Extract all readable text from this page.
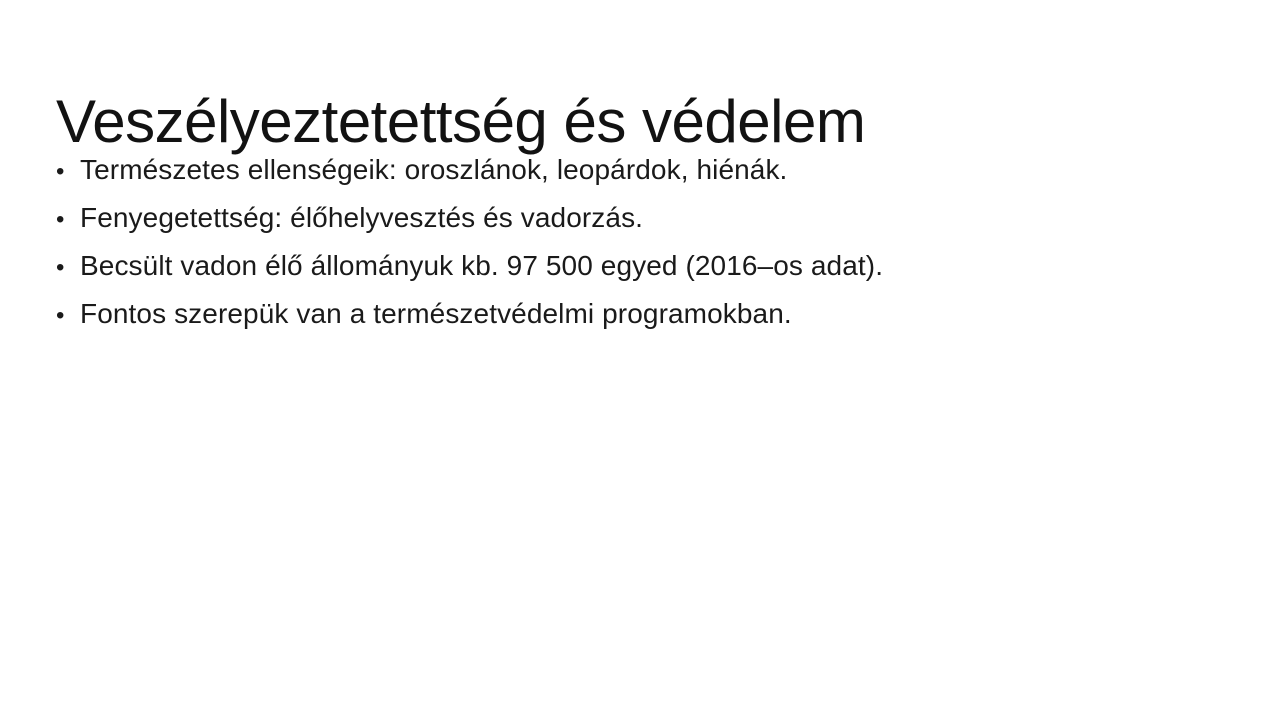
Veszélyeztetettség és védelem
• Természetes ellenségeik: oroszlánok, leopárdok, hiénák.
• Fenyegetettség: élőhelyvesztés és vadorzás.
• Becsült vadon élő állományuk kb. 97 500 egyed (2016–os adat).
• Fontos szerepük van a természetvédelmi programokban.
